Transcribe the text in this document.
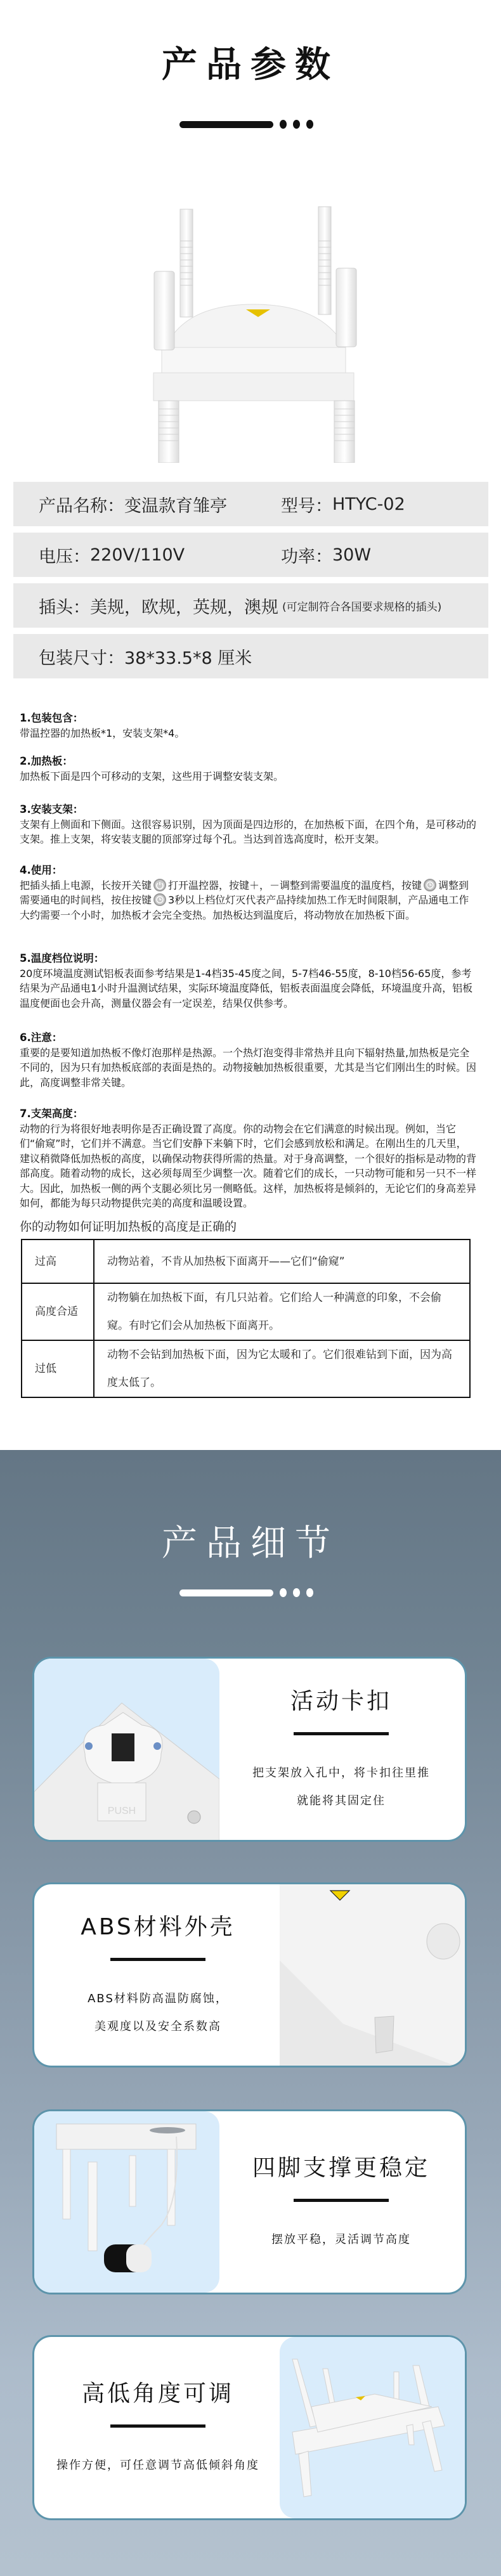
产品参数
产品名称： 变温款育雏亭	型号： HTYC-02
电压： 220V/110V	功率： 30W
插头： 美规，欧规，英规，澳规 (可定制符合各国要求规格的插头)
包装尺寸： 38*33.5*8 厘米
1.包装包含：

带温控器的加热板*1，安装支架*4。

2.加热板：

加热板下面是四个可移动的支架，这些用于调整安装支架。

3.安装支架：

支架有上侧面和下侧面。这很容易识别，因为顶面是四边形的，在加热板下面，在四个角，是可移动的支架。推上支架，将安装支腿的顶部穿过每个孔。当达到首选高度时，松开支架。

4.使用：

把插头插上电源，长按开关键 打开温控器，按键＋，－调整到需要温度的温度档，按键 调整到需要通电的时间档，按住按键 3秒以上档位灯灭代表产品持续加热工作无时间限制，产品通电工作大约需要一个小时，加热板才会完全变热。加热板达到温度后，将动物放在加热板下面。

5.温度档位说明：

20度环境温度测试铝板表面参考结果是1-4档35-45度之间，5-7档46-55度，8-10档56-65度，参考结果为产品通电1小时升温测试结果，实际环境温度降低，铝板表面温度会降低，环境温度升高，铝板温度便面也会升高，测量仪器会有一定误差，结果仅供参考。

6.注意：

重要的是要知道加热板不像灯泡那样是热源。一个热灯泡变得非常热并且向下辐射热量,加热板是完全不同的，因为只有加热板底部的表面是热的。动物接触加热板很重要，尤其是当它们刚出生的时候。因此，高度调整非常关键。

7.支架高度：

动物的行为将很好地表明你是否正确设置了高度。你的动物会在它们满意的时候出现。例如，当它们“偷窥”时，它们并不满意。当它们安静下来躺下时，它们会感到放松和满足。在刚出生的几天里，建议稍微降低加热板的高度，以确保动物获得所需的热量。对于身高调整，一个很好的指标是动物的背部高度。随着动物的成长，这必须每周至少调整一次。随着它们的成长，一只动物可能和另一只不一样大。因此，加热板一侧的两个支腿必须比另一侧略低。这样，加热板将是倾斜的，无论它们的身高差异如何，都能为每只动物提供完美的高度和温暖设置。

你的动物如何证明加热板的高度是正确的
过高	动物站着，不肯从加热板下面离开——它们“偷窥”
高度合适	动物躺在加热板下面，有几只站着。它们给人一种满意的印象，不会偷窥。有时它们会从加热板下面离开。
过低	动物不会钻到加热板下面，因为它太暖和了。它们很难钻到下面，因为高度太低了。
产品细节
PUSH
活动卡扣
把支架放入孔中，将卡扣往里推
就能将其固定住
ABS材料外壳
ABS材料防高温防腐蚀，
美观度以及安全系数高
四脚支撑更稳定
摆放平稳，灵活调节高度
高低角度可调
操作方便，可任意调节高低倾斜角度
